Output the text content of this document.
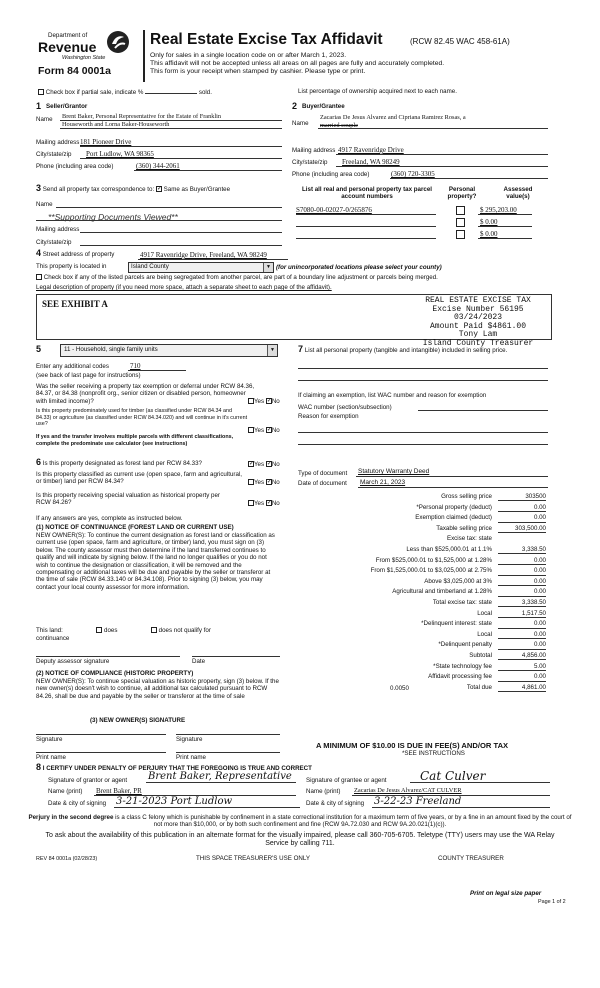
Department of
Revenue
Washington State
Form 84 0001a
Real Estate Excise Tax Affidavit	(RCW 82.45 WAC 458-61A)
Only for sales in a single location code on or after March 1, 2023.
This affidavit will not be accepted unless all areas on all pages are fully and accurately completed.
This form is your receipt when stamped by cashier. Please type or print.
Check box if partial sale, indicate %	sold.	List percentage of ownership acquired next to each name.
1 Seller/Grantor
Name Brent Baker, Personal Representative for the Estate of Franklin
Houseworth and Lorna Baker-Houseworth
Mailing address 181 Pioneer Drive
City/state/zip Port Ludlow, WA 98365
Phone (including area code)	(360) 344-2061
2 Buyer/Grantee
Name
Zacarias De Jesus Alvarez and Cipriana Ramirez Rosas, a
married couple
Mailing address 4917 Ravenridge Drive
City/state/zip Freeland, WA 98249
Phone (including area code)	(360) 720-3305
3 Send all property tax correspondence to: ✓ Same as Buyer/Grantee
Name
**Supporting Documents Viewed**
Mailing address
City/state/zip
List all real and personal property tax parcel account numbers
Personal
property?
Assessed
value(s)
S7080-00-02027-0/265876	$ 295,203.00
$ 0.00
$ 0.00
4 Street address of property	4917 Ravenridge Drive, Freeland, WA 98249
This property is located in	Island County	▼ (for unincorporated locations please select your county)
Check box if any of the listed parcels are being segregated from another parcel, are part of a boundary line adjustment or parcels being merged.
Legal description of property (if you need more space, attach a separate sheet to each page of the affidavit).
SEE EXHIBIT A	REAL ESTATE EXCISE TAX
Excise Number 56195
03/24/2023
Amount Paid $4861.00
Tony Lam
Island County Treasurer
5	11 - Household, single family units	▼
Enter any additional codes	710
(see back of last page for instructions)
Was the seller receiving a property tax exemption or deferral under RCW 84.36, 84.37, or 84.38 (nonprofit org., senior citizen or disabled person, homeowner with limited income)?	Yes ✓No
Is this property predominately used for timber (as classified under RCW 84.34 and 84.33) or agriculture (as classified under RCW 84.34.020) and will continue in it's current use?
If yes and the transfer involves multiple parcels with different classifications, complete the predominate use calculator (see instructions)
Yes ✓No
7 List all personal property (tangible and intangible) included in selling price.
If claiming an exemption, list WAC number and reason for exemption
WAC number (section/subsection)
Reason for exemption
6 Is this property designated as forest land per RCW 84.33?	✓Yes ✓No
Is this property classified as current use (open space, farm and agricultural, or timber) land per RCW 84.34?	Yes ✓No
Is this property receiving special valuation as historical property per RCW 84.26?	Yes ✓No
If any answers are yes, complete as instructed below.
(1) NOTICE OF CONTINUANCE (FOREST LAND OR CURRENT USE)
NEW OWNER(S): To continue the current designation as forest land or classification as current use (open space, farm and agriculture, or timber) land, you must sign on (3) below. The county assessor must then determine if the land transferred continues to qualify and will indicate by signing below. If the land no longer qualifies or you do not wish to continue the designation or classification, it will be removed and the compensating or additional taxes will be due and payable by the seller or transferor at the time of sale (RCW 84.33.140 or 84.34.108). Prior to signing (3) below, you may contact your local county assessor for more information.
This land:	does	does not qualify for
continuance
Deputy assessor signature	Date
(2) NOTICE OF COMPLIANCE (HISTORIC PROPERTY)
NEW OWNER(S): To continue special valuation as historic property, sign (3) below. If the new owner(s) doesn't wish to continue, all additional tax calculated pursuant to RCW 84.26, shall be due and payable by the seller or transferor at the time of sale
(3) NEW OWNER(S) SIGNATURE
Signature	Signature
Print name	Print name
Type of document Statutory Warranty Deed
Date of document March 21, 2023
Gross selling price	303500
*Personal property (deduct)	0.00
Exemption claimed (deduct)	0.00
Taxable selling price	303,500.00
Excise tax: state
Less than $525,000.01 at 1.1%	3,338.50
From $525,000.01 to $1,525,000 at 1.28%	0.00
From $1,525,000.01 to $3,025,000 at 2.75%	0.00
Above $3,025,000 at 3%	0.00
Agricultural and timberland at 1.28%	0.00
Total excise tax: state	3,338.50
Local	1,517.50
*Delinquent interest: state	0.00
Local	0.00
*Delinquent penalty	0.00
Subtotal	4,856.00
*State technology fee	5.00
Affidavit processing fee	0.00
Total due	4,861.00
0.0050
A MINIMUM OF $10.00 IS DUE IN FEE(S) AND/OR TAX
*SEE INSTRUCTIONS
8 I CERTIFY UNDER PENALTY OF PERJURY THAT THE FOREGOING IS TRUE AND CORRECT
Signature of grantor or agent Brent Baker, Representative
Name (print) Brent Baker, PR
Date & city of signing 3-21-2023 Port Ludlow
Signature of grantee or agent	Cat Culver
Name (print) Zacarias De Jesus Alvarez/CAT CULVER
Date & city of signing 3-22-23 Freeland
Perjury in the second degree is a class C felony which is punishable by confinement in a state correctional institution for a maximum term of five years, or by a fine in an amount fixed by the court of not more than $10,000, or by both such confinement and fine (RCW 9A.72.030 and RCW 9A.20.021(1)(c)).
To ask about the availability of this publication in an alternate format for the visually impaired, please call 360-705-6705. Teletype (TTY) users may use the WA Relay Service by calling 711.
REV 84 0001a (02/28/23)	THIS SPACE TREASURER'S USE ONLY	COUNTY TREASURER
Print on legal size paper
Page 1 of 2
